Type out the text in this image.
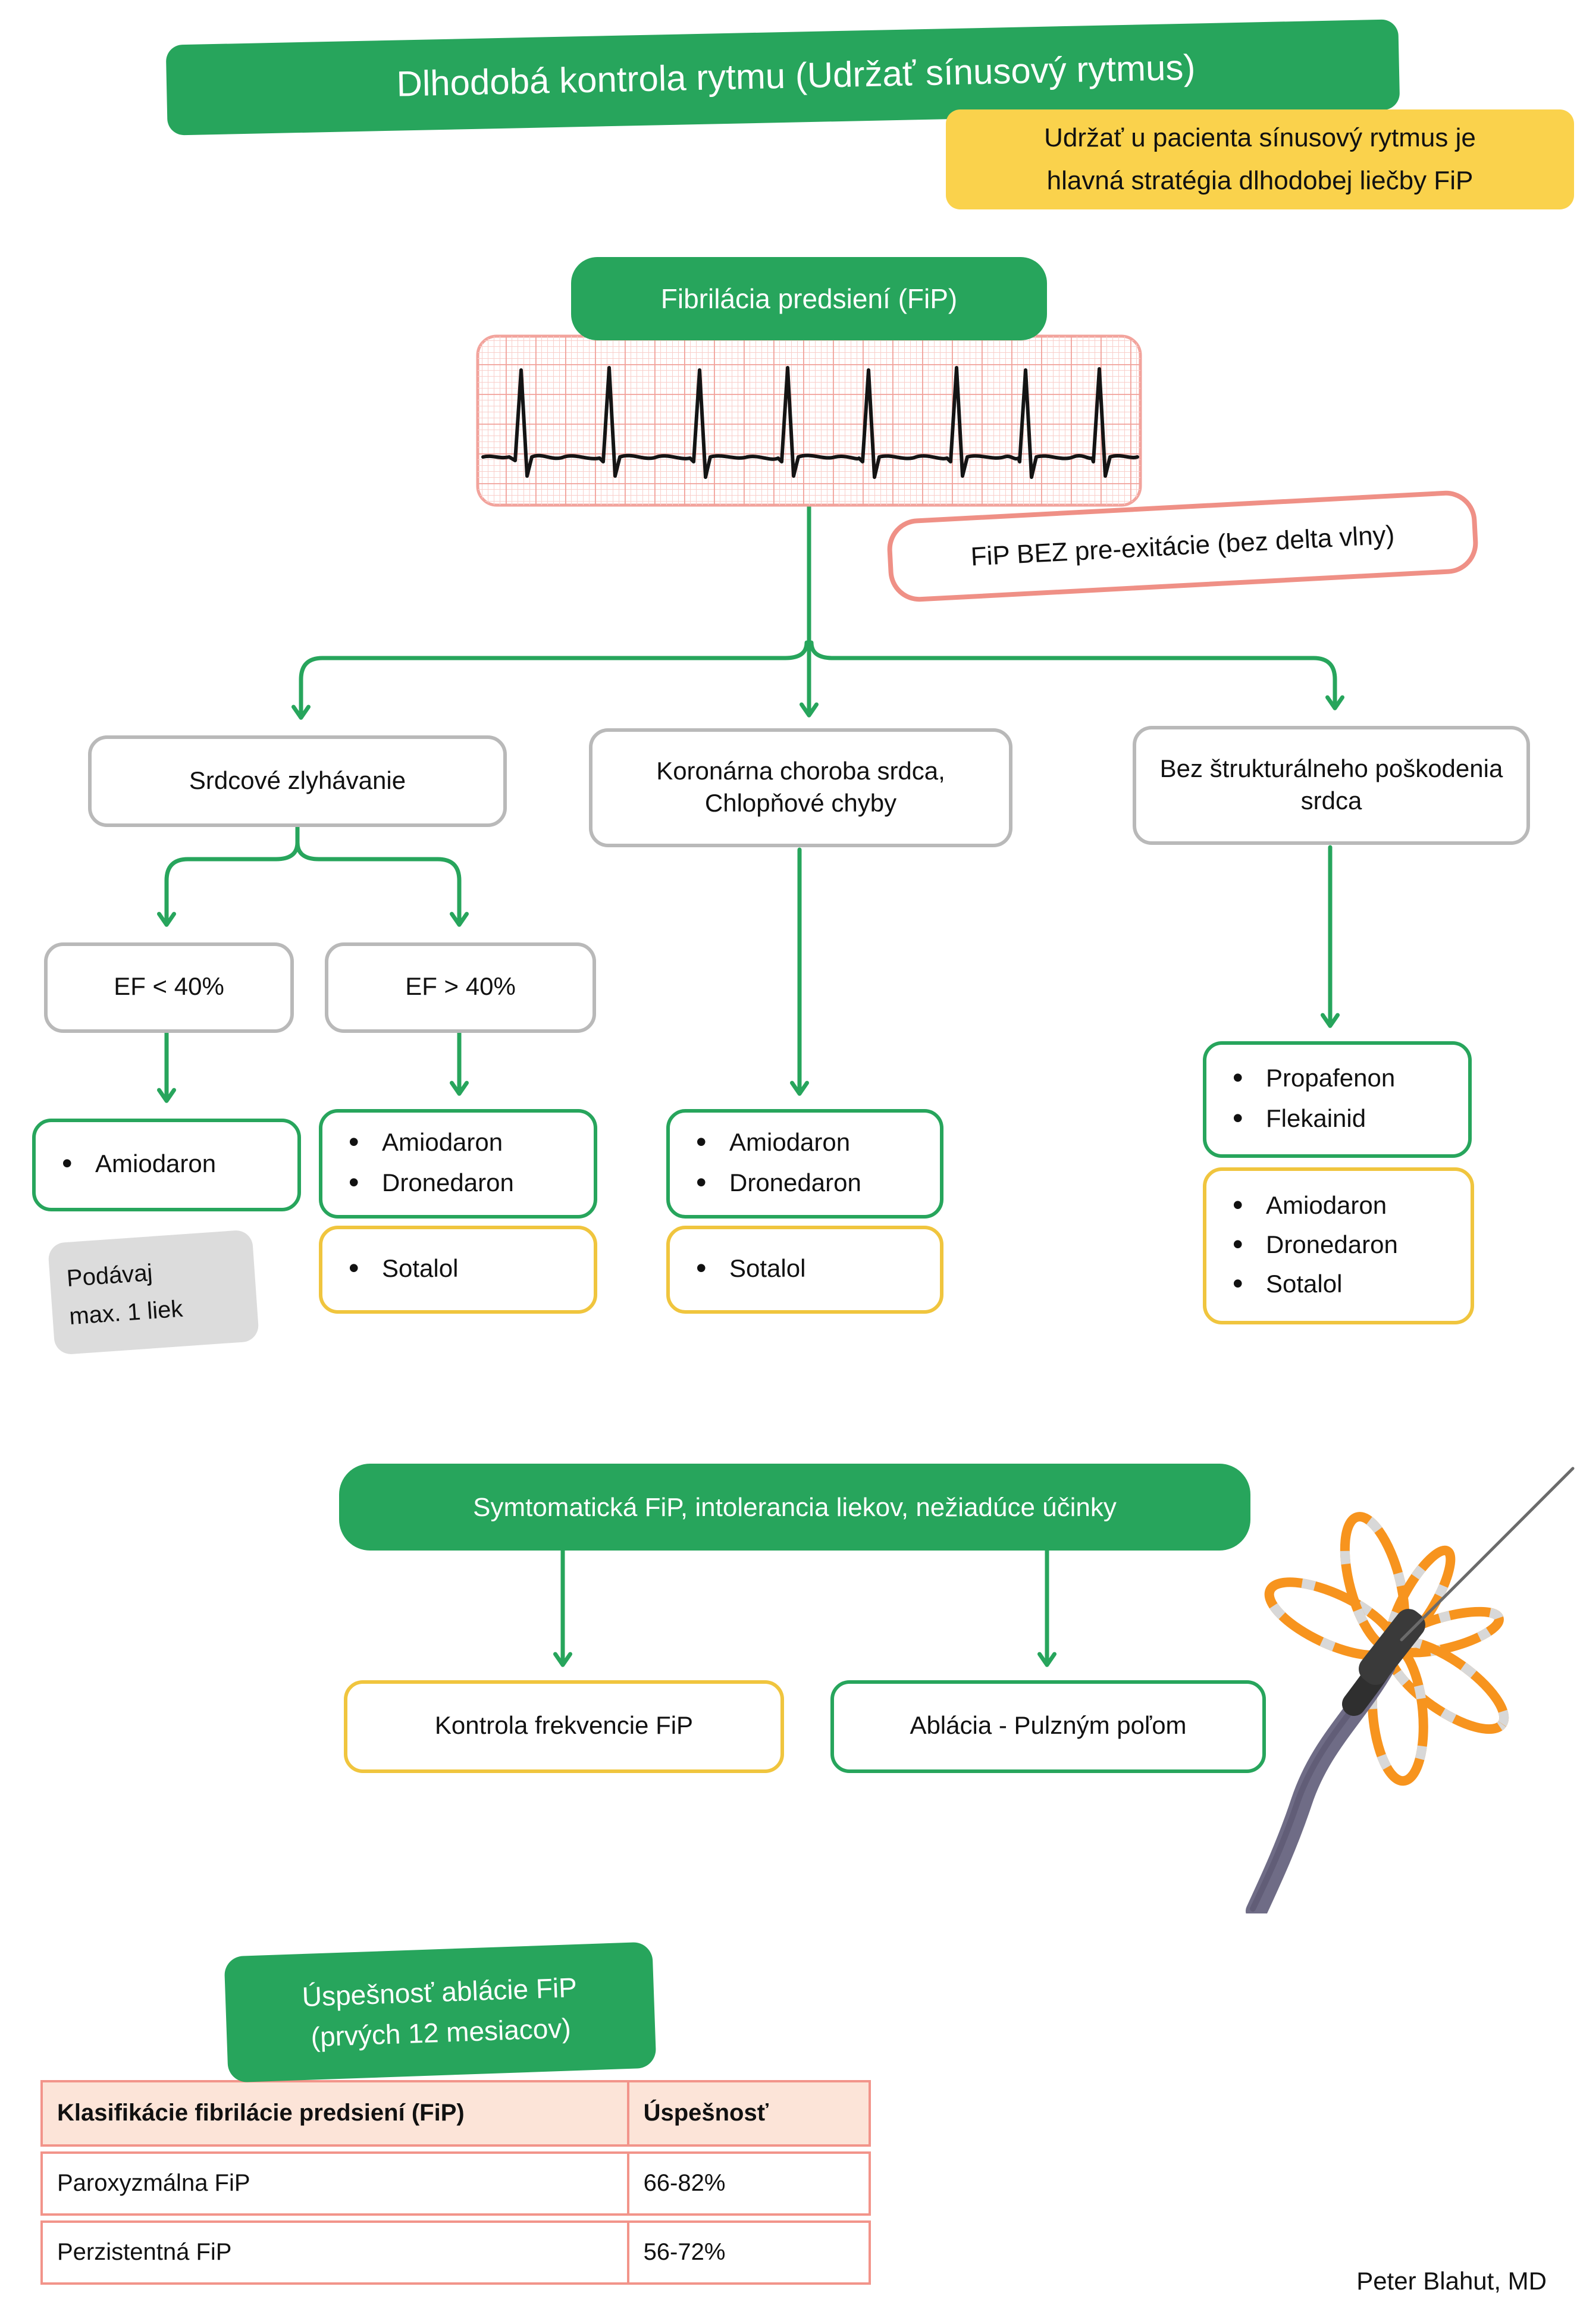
Dlhodobá kontrola rytmu (Udržať sínusový rytmus)
Udržať u pacienta sínusový rytmus je
hlavná stratégia dlhodobej liečby FiP
Fibrilácia predsiení (FiP)
FiP BEZ pre-exitácie (bez delta vlny)
Srdcové zlyhávanie	Koronárna choroba srdca, Chlopňové chyby
Bez štrukturálneho poškodenia srdca
EF < 40%	EF > 40%
• Amiodaron
• Amiodaron
• Dronedaron
• Sotalol
• Amiodaron
• Dronedaron
• Sotalol
• Propafenon
• Flekainid
• Amiodaron
• Dronedaron
• Sotalol
Podávaj
max. 1 liek
Symtomatická FiP, intolerancia liekov, nežiadúce účinky
Kontrola frekvencie FiP	Ablácia - Pulzným poľom
Úspešnosť ablácie FiP
(prvých 12 mesiacov)
Klasifikácie fibrilácie predsiení (FiP)	Úspešnosť
Paroxyzmálna FiP	66-82%
Perzistentná FiP	56-72%
Peter Blahut, MD
